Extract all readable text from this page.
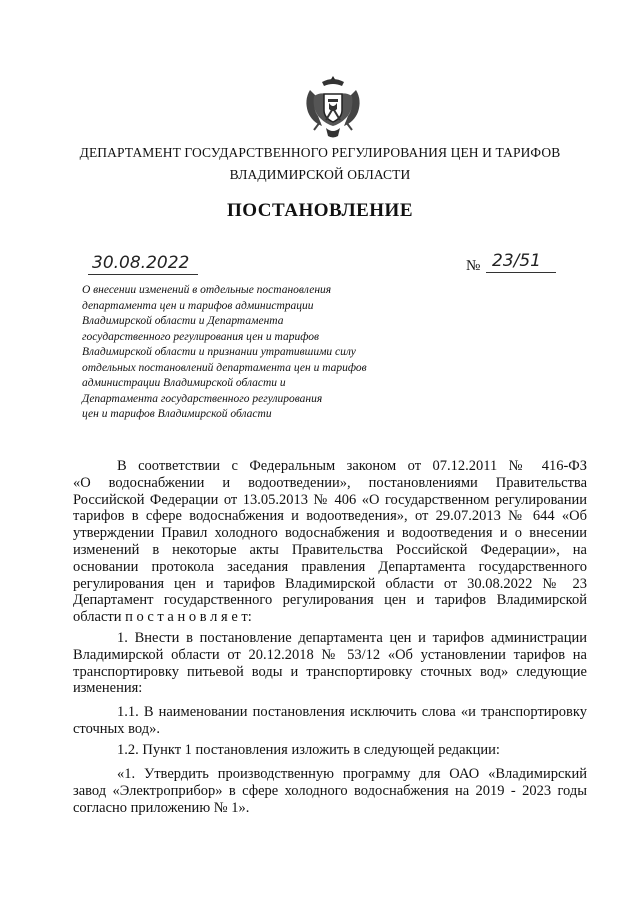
ДЕПАРТАМЕНТ ГОСУДАРСТВЕННОГО РЕГУЛИРОВАНИЯ ЦЕН И ТАРИФОВ
ВЛАДИМИРСКОЙ ОБЛАСТИ
ПОСТАНОВЛЕНИЕ
30.08.2022	№ 23/51
О внесении изменений в отдельные постановления
департамента цен и тарифов администрации
Владимирской области и Департамента
государственного регулирования цен и тарифов
Владимирской области и признании утратившими силу
отдельных постановлений департамента цен и тарифов
администрации Владимирской области и
Департамента государственного регулирования
цен и тарифов Владимирской области
В соответствии с Федеральным законом от 07.12.2011 № 416-ФЗ
«О водоснабжении и водоотведении», постановлениями Правительства
Российской Федерации от 13.05.2013 № 406 «О государственном регулировании
тарифов в сфере водоснабжения и водоотведения», от 29.07.2013 № 644 «Об
утверждении Правил холодного водоснабжения и водоотведения и о внесении
изменений в некоторые акты Правительства Российской Федерации», на
основании протокола заседания правления Департамента государственного
регулирования цен и тарифов Владимирской области от 30.08.2022 № 23
Департамент государственного регулирования цен и тарифов Владимирской
области п о с т а н о в л я е т:
1. Внести в постановление департамента цен и тарифов администрации
Владимирской области от 20.12.2018 № 53/12 «Об установлении тарифов на
транспортировку питьевой воды и транспортировку сточных вод» следующие
изменения:
1.1. В наименовании постановления исключить слова «и транспортировку
сточных вод».
1.2. Пункт 1 постановления изложить в следующей редакции:
«1. Утвердить производственную программу для ОАО «Владимирский
завод «Электроприбор» в сфере холодного водоснабжения на 2019 - 2023 годы
согласно приложению № 1».
